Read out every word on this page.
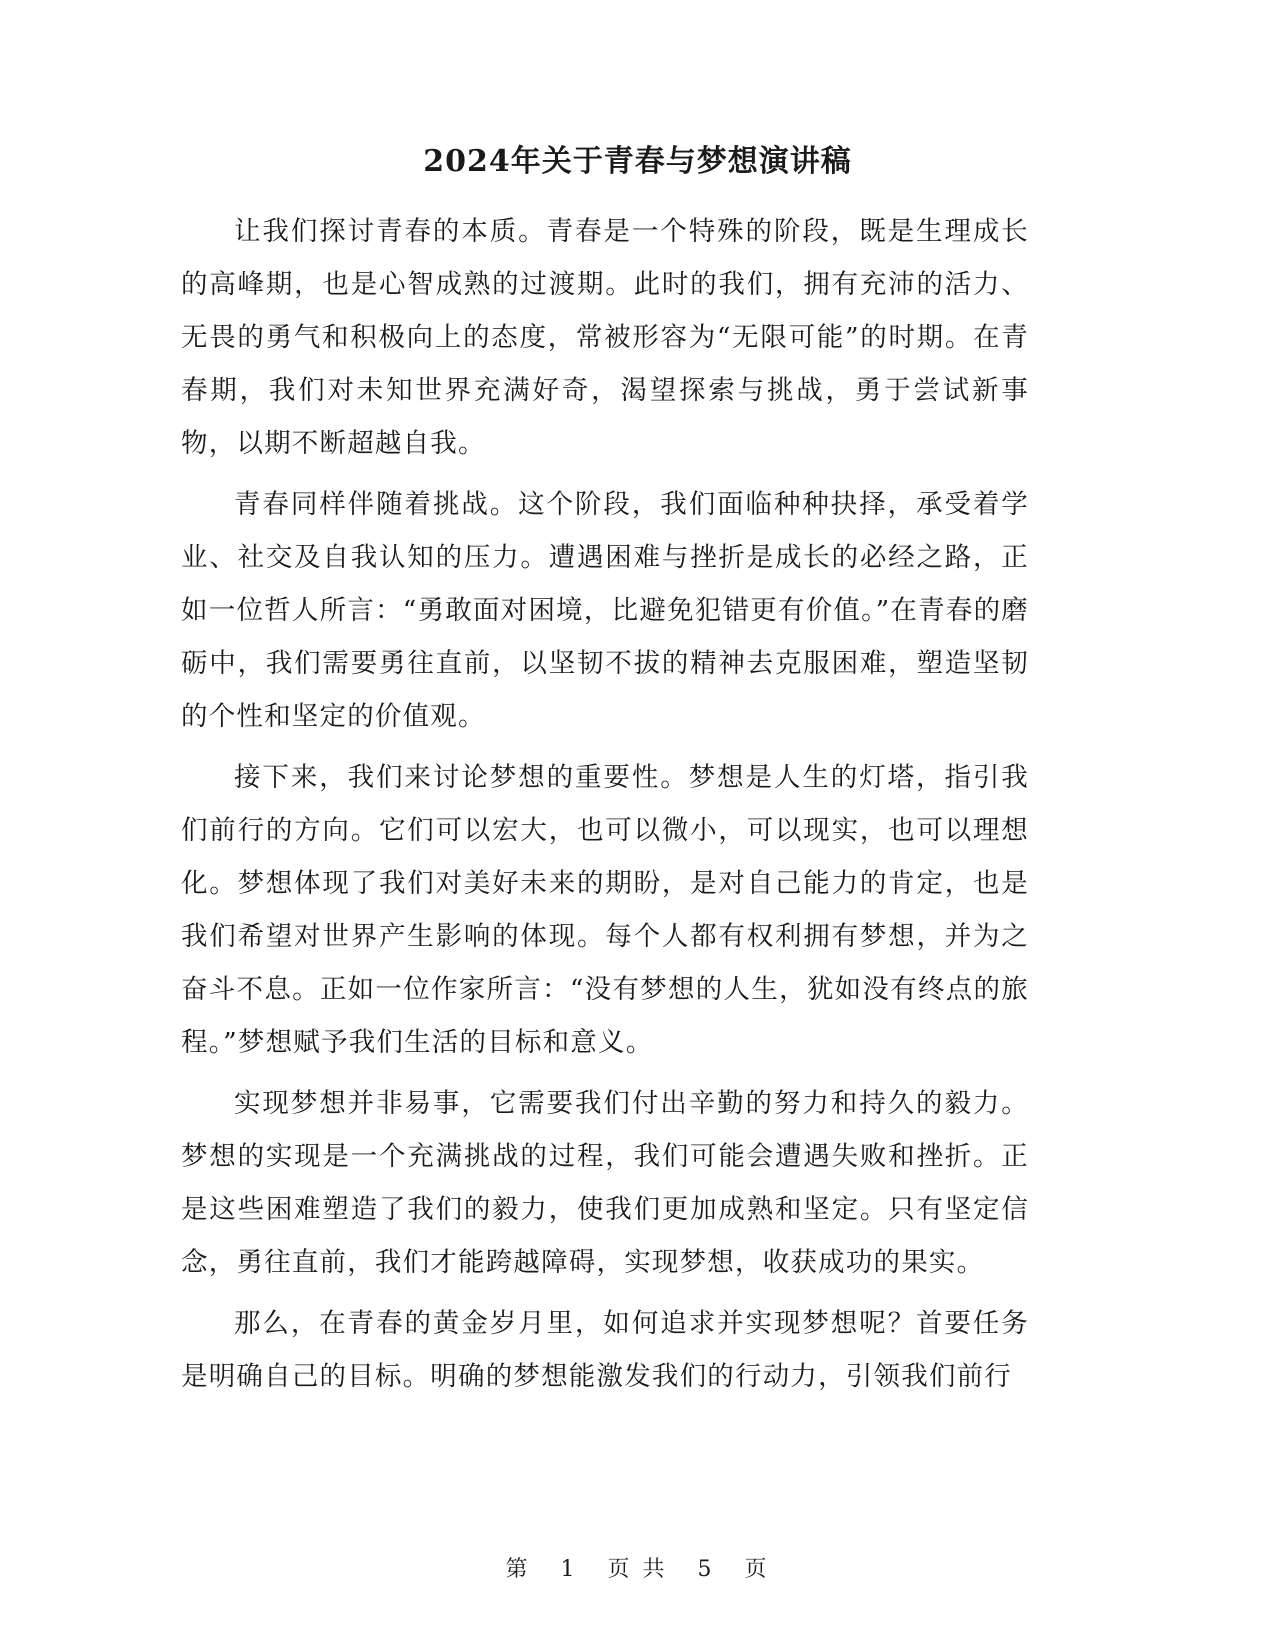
2024年关于青春与梦想演讲稿

让我们探讨青春的本质。青春是一个特殊的阶段，既是生理成长的高峰期，也是心智成熟的过渡期。此时的我们，拥有充沛的活力、无畏的勇气和积极向上的态度，常被形容为“无限可能”的时期。在青春期，我们对未知世界充满好奇，渴望探索与挑战，勇于尝试新事物，以期不断超越自我。

青春同样伴随着挑战。这个阶段，我们面临种种抉择，承受着学业、社交及自我认知的压力。遭遇困难与挫折是成长的必经之路，正如一位哲人所言：“勇敢面对困境，比避免犯错更有价值。”在青春的磨砺中，我们需要勇往直前，以坚韧不拔的精神去克服困难，塑造坚韧的个性和坚定的价值观。

接下来，我们来讨论梦想的重要性。梦想是人生的灯塔，指引我们前行的方向。它们可以宏大，也可以微小，可以现实，也可以理想化。梦想体现了我们对美好未来的期盼，是对自己能力的肯定，也是我们希望对世界产生影响的体现。每个人都有权利拥有梦想，并为之奋斗不息。正如一位作家所言：“没有梦想的人生，犹如没有终点的旅程。”梦想赋予我们生活的目标和意义。

实现梦想并非易事，它需要我们付出辛勤的努力和持久的毅力。梦想的实现是一个充满挑战的过程，我们可能会遭遇失败和挫折。正是这些困难塑造了我们的毅力，使我们更加成熟和坚定。只有坚定信念，勇往直前，我们才能跨越障碍，实现梦想，收获成功的果实。

那么，在青春的黄金岁月里，如何追求并实现梦想呢？首要任务是明确自己的目标。明确的梦想能激发我们的行动力，引领我们前行

第 1 页 共 5 页
